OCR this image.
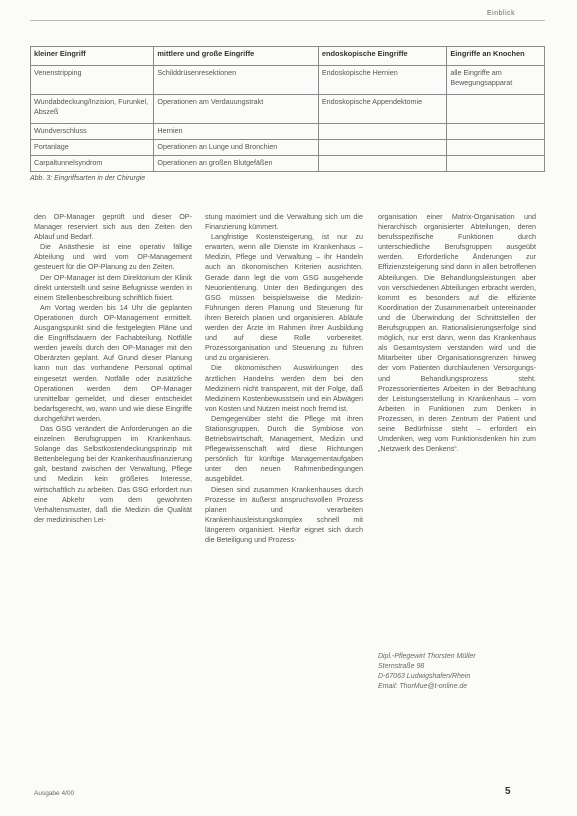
Einblick
kleiner Eingriff	mittlere und große Eingriffe	endoskopische Eingriffe	Eingriffe an Knochen
Venenstripping	Schilddrüsenresektionen	Endoskopische Hernien	alle Eingriffe am Bewegungsapparat
Wundabdeckung/Inzision, Furunkel, Abszeß	Operationen am Verdauungstrakt	Endoskopische Appendektomie	
Wundverschluss	Hernien		
Portanlage	Operationen an Lunge und Bronchien		
Carpaltunnelsyndrom	Operationen an großen Blutgefäßen		
Abb. 3: Eingriffsarten in der Chirurgie

den OP-Manager geprüft und dieser OP-Manager reserviert sich aus den Zeiten den Ablauf und Bedarf.

Die Anästhesie ist eine operativ fällige Abteilung und wird vom OP-Management gesteuert für die OP-Planung zu den Zeiten.

Der OP-Manager ist dem Direktorium der Klinik direkt unterstellt und seine Befugnisse werden in einem Stellenbeschreibung schriftlich fixiert.

Am Vortag werden bis 14 Uhr die geplanten Operationen durch OP-Management ermittelt. Ausgangspunkt sind die festgelegten Pläne und die Eingriffsdauern der Fachabteilung. Notfälle werden jeweils durch den OP-Manager mit den Oberärzten geplant. Auf Grund dieser Planung kann nun das vorhandene Personal optimal eingesetzt werden. Notfälle oder zusätzliche Operationen werden dem OP-Manager unmittelbar gemeldet, und dieser entscheidet bedarfsgerecht, wo, wann und wie diese Eingriffe durchgeführt werden.

Das GSG verändert die Anforderungen an die einzelnen Berufsgruppen im Krankenhaus. Solange das Selbstkostendeckungsprinzip mit Bettenbelegung bei der Krankenhausfinanzierung galt, bestand zwischen der Verwaltung, Pflege und Medizin kein größeres Interesse, wirtschaftlich zu arbeiten. Das GSG erfordert nun eine Abkehr vom dem gewohnten Verhaltensmuster, daß die Medizin die Qualität der medizinischen Lei-

stung maximiert und die Verwaltung sich um die Finanzierung kümmert.

Langfristige Kostensteigerung, ist nur zu erwarten, wenn alle Dienste im Krankenhaus – Medizin, Pflege und Verwaltung – ihr Handeln auch an ökonomischen Kriterien ausrichten. Gerade dann legt die vom GSG ausgehende Neuorientierung. Unter den Bedingungen des GSG müssen beispielsweise die Medizin-Führungen deren Planung und Steuerung für ihren Bereich planen und organisieren. Abläufe werden der Ärzte im Rahmen ihrer Ausbildung und auf diese Rolle vorbereitet. Prozessorganisation und Steuerung zu führen und zu organisieren.

Die ökonomischen Auswirkungen des ärztlichen Handelns werden dem bei den Medizinern nicht transparent, mit der Folge, daß Medizinern Kostenbewusstsein und ein Abwägen von Kosten und Nutzen meist noch fremd ist.

Demgegenüber steht die Pflege mit ihren Stationsgruppen. Durch die Symbiose von Betriebswirtschaft, Management, Medizin und Pflegewissenschaft wird diese Richtungen persönlich für künftige Managementaufgaben unter den neuen Rahmenbedingungen ausgebildet.

Diesen sind zusammen Krankenhauses durch Prozesse im äußerst anspruchsvollen Prozess planen und verarbeiten Krankenhausleistungskomplex schnell mit längerem organisiert. Hierfür eignet sich durch die Beteiligung und Prozess-

organisation einer Matrix-Organisation und hierarchisch organisierter Abteilungen, deren berufsspezifische Funktionen durch unterschiedliche Berufsgruppen ausgeübt werden. Erforderliche Änderungen zur Effizienzsteigerung sind dann in allen betroffenen Abteilungen. Die Behandlungsleistungen aber von verschiedenen Abteilungen erbracht werden, kommt es besonders auf die effiziente Koordination der Zusammenarbeit untereinander und die Überwindung der Schnittstellen der Berufsgruppen an. Rationalisierungserfolge sind möglich, nur erst dann, wenn das Krankenhaus als Gesamtsystem verstanden wird und die Mitarbeiter über Organisationsgrenzen hinweg der vom Patienten durchlaufenen Versorgungs- und Behandlungsprozess steht. Prozessorientiertes Arbeiten in der Betrachtung der Leistungserstellung in Krankenhaus – vom Arbeiten in Funktionen zum Denken in Prozessen, in deren Zentrum der Patient und seine Bedürfnisse steht – erfordert ein Umdenken, weg vom Funktionsdenken hin zum „Netzwerk des Denkens“.

Dipl.-Pflegewirt Thorsten Müller
Sternstraße 98
D-67063 Ludwigshafen/Rhein
Email: ThorMue@t-online.de
Ausgabe 4/00	5
